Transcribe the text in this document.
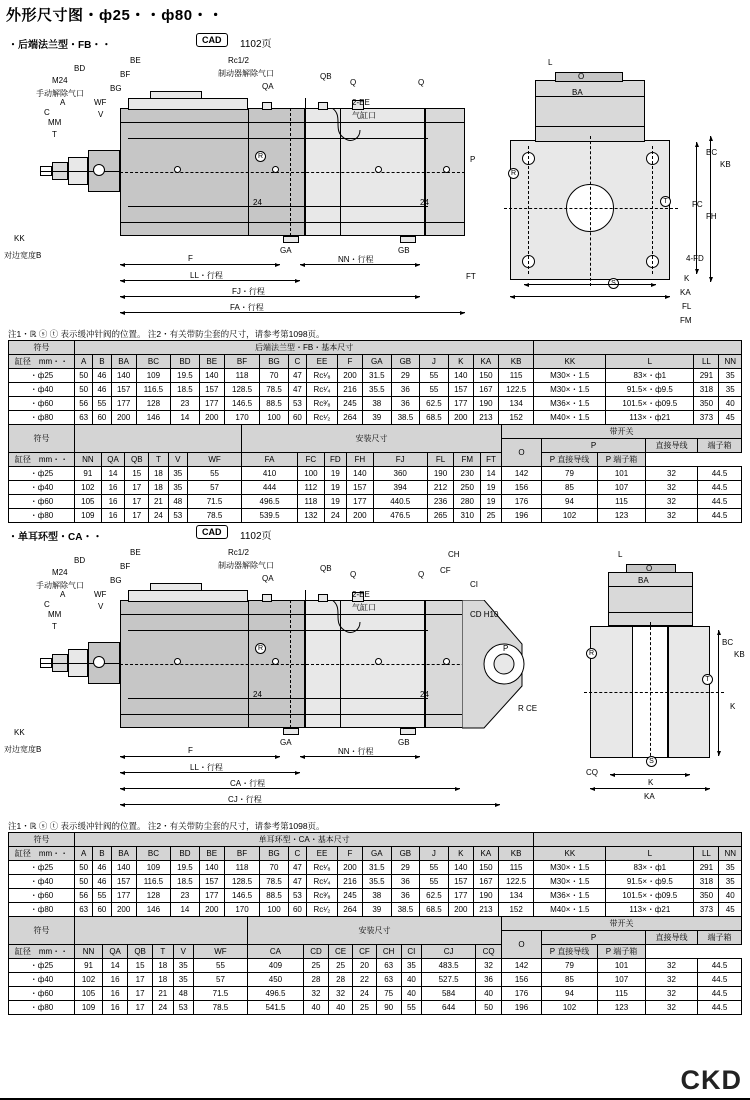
外形尺寸图・ф25・・ф80・・
・后端法兰型・FB・・	CAD	1102页
R
M24
手动解除气口
A	WF
C	V
MM
T
BD
BE
BF
BG
Rc1/2
制动器解除气口
QA
QB
Q	Q
2-EE
气缸口
KK
对边宽度B
24	24
P
GA	GB
F
LL・行程
NN・行程
FJ・行程
FA・行程
FT
R
T
S
L
O
BA
BC
KB
FC
FH
4-FD
K
KA
FL
FM
注1・ℝ ⓢ ⓣ 表示缓冲针阀的位置。 注2・有关带防尘套的尺寸，请参考第1098页。
符号	后端法兰型・FB・基本尺寸																				
缸径　mm・・	A	B	BA	BC	BD	BE	BF	BG	C	EE	F	GA	GB	J	K	KA	KB	KK	L	LL	NN
・ф25	50	46	140	109	19.5	140	118	70	47	Rc¹⁄₈	200	31.5	29	55	140	150	115	M30×・1.5	83×・ф1	291	35
・ф40	50	46	157	116.5	18.5	157	128.5	78.5	47	Rc¹⁄₄	216	35.5	36	55	157	167	122.5	M30×・1.5	91.5×・ф9.5	318	35
・ф60	56	55	177	128	23	177	146.5	88.5	53	Rc³⁄₈	245	38	36	62.5	177	190	134	M36×・1.5	101.5×・ф09.5	350	40
・ф80	63	60	200	146	14	200	170	100	60	Rc¹⁄₂	264	39	38.5	68.5	200	213	152	M40×・1.5	113×・ф21	373	45
符号							安装尺寸								带开关				
															O	P		直接导线	端子箱
缸径　mm・・	NN	QA	QB	T	V	WF	FA	FC	FD	FH	FJ	FL	FM	FT		P 直接导线	P 端子箱		
・ф25	91	14	15	18	35	55	410	100	19	140	360	190	230	14	142	79	101	32	44.5
・ф40	102	16	17	18	35	57	444	112	19	157	394	212	250	19	156	85	107	32	44.5
・ф60	105	16	17	21	48	71.5	496.5	118	19	177	440.5	236	280	19	176	94	115	32	44.5
・ф80	109	16	17	24	53	78.5	539.5	132	24	200	476.5	265	310	25	196	102	123	32	44.5
・单耳环型・CA・・	CAD	1102页
R
M24
手动解除气口
A	WF
C	V
MM
T
BD
BE
BF
BG
Rc1/2
制动器解除气口
QA
QB
Q	Q
2-EE
气缸口
CH
CF
CI
CD H10
KK
对边宽度B
24	24
P
R CE
GA	GB
F	NN・行程
LL・行程
CA・行程
CJ・行程
R
T
S
L
O
BA
BC
KB
K
CQ
K
KA
注1・ℝ ⓢ ⓣ 表示缓冲针阀的位置。 注2・有关带防尘套的尺寸，请参考第1098页。
符号	单耳环型・CA・基本尺寸																				
缸径　mm・・	A	B	BA	BC	BD	BE	BF	BG	C	EE	F	GA	GB	J	K	KA	KB	KK	L	LL	NN
・ф25	50	46	140	109	19.5	140	118	70	47	Rc¹⁄₈	200	31.5	29	55	140	150	115	M30×・1.5	83×・ф1	291	35
・ф40	50	46	157	116.5	18.5	157	128.5	78.5	47	Rc¹⁄₄	216	35.5	36	55	157	167	122.5	M30×・1.5	91.5×・ф9.5	318	35
・ф60	56	55	177	128	23	177	146.5	88.5	53	Rc³⁄₈	245	38	36	62.5	177	190	134	M36×・1.5	101.5×・ф09.5	350	40
・ф80	63	60	200	146	14	200	170	100	60	Rc¹⁄₂	264	39	38.5	68.5	200	213	152	M40×・1.5	113×・ф21	373	45
符号							安装尺寸								带开关				
															O	P		直接导线	端子箱
缸径　mm・・	NN	QA	QB	T	V	WF	CA	CD	CE	CF	CH	CI	CJ	CQ		P 直接导线	P 端子箱		
・ф25	91	14	15	18	35	55	409	25	25	20	63	35	483.5	32	142	79	101	32	44.5
・ф40	102	16	17	18	35	57	450	28	28	22	63	40	527.5	36	156	85	107	32	44.5
・ф60	105	16	17	21	48	71.5	496.5	32	32	24	75	40	584	40	176	94	115	32	44.5
・ф80	109	16	17	24	53	78.5	541.5	40	40	25	90	55	644	50	196	102	123	32	44.5
CKD
